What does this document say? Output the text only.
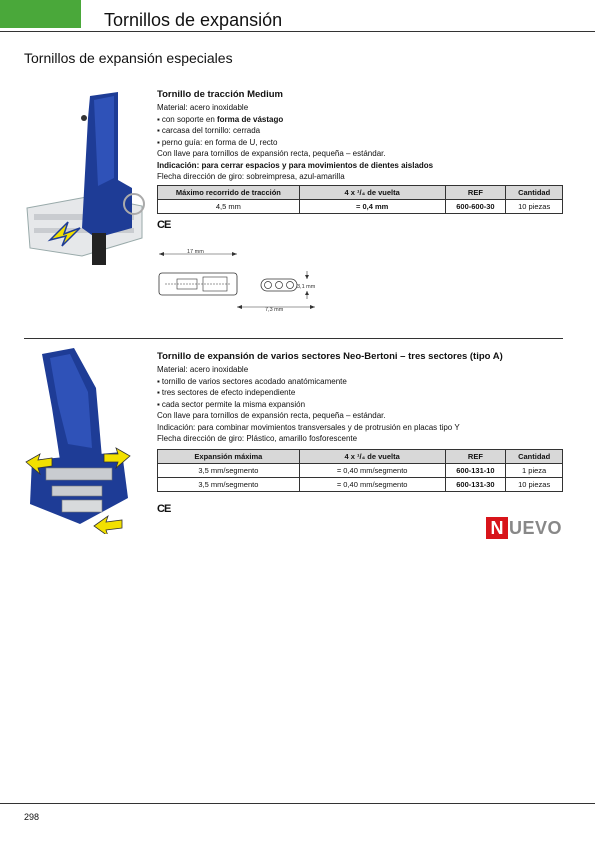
Tornillos de expansión
Tornillos de expansión especiales
Tornillo de tracción Medium

Material: acero inoxidable

▪ con soporte en forma de vástago
▪ carcasa del tornillo: cerrada
▪ perno guía: en forma de U, recto

Con llave para tornillos de expansión recta, pequeña – estándar.

Indicación: para cerrar espacios y para movimientos de dientes aislados

Flecha dirección de giro: sobreimpresa, azul-amarilla

Máximo recorrido de tracción	4 x ¹/₄ de vuelta	REF	Cantidad
4,5 mm	= 0,4 mm	600-600-30	10 piezas
CE
17 mm
3,1 mm
7,3 mm
Tornillo de expansión de varios sectores Neo-Bertoni – tres sectores (tipo A)

Material: acero inoxidable

▪ tornillo de varios sectores acodado anatómicamente
▪ tres sectores de efecto independiente
▪ cada sector permite la misma expansión

Con llave para tornillos de expansión recta, pequeña – estándar.

Indicación: para combinar movimientos transversales y de protrusión en placas tipo Y

Flecha dirección de giro: Plástico, amarillo fosforescente

Expansión máxima	4 x ¹/₄ de vuelta	REF	Cantidad
3,5 mm/segmento	= 0,40 mm/segmento	600-131-10	1 pieza
3,5 mm/segmento	= 0,40 mm/segmento	600-131-30	10 piezas
CE
N UEVO
298
